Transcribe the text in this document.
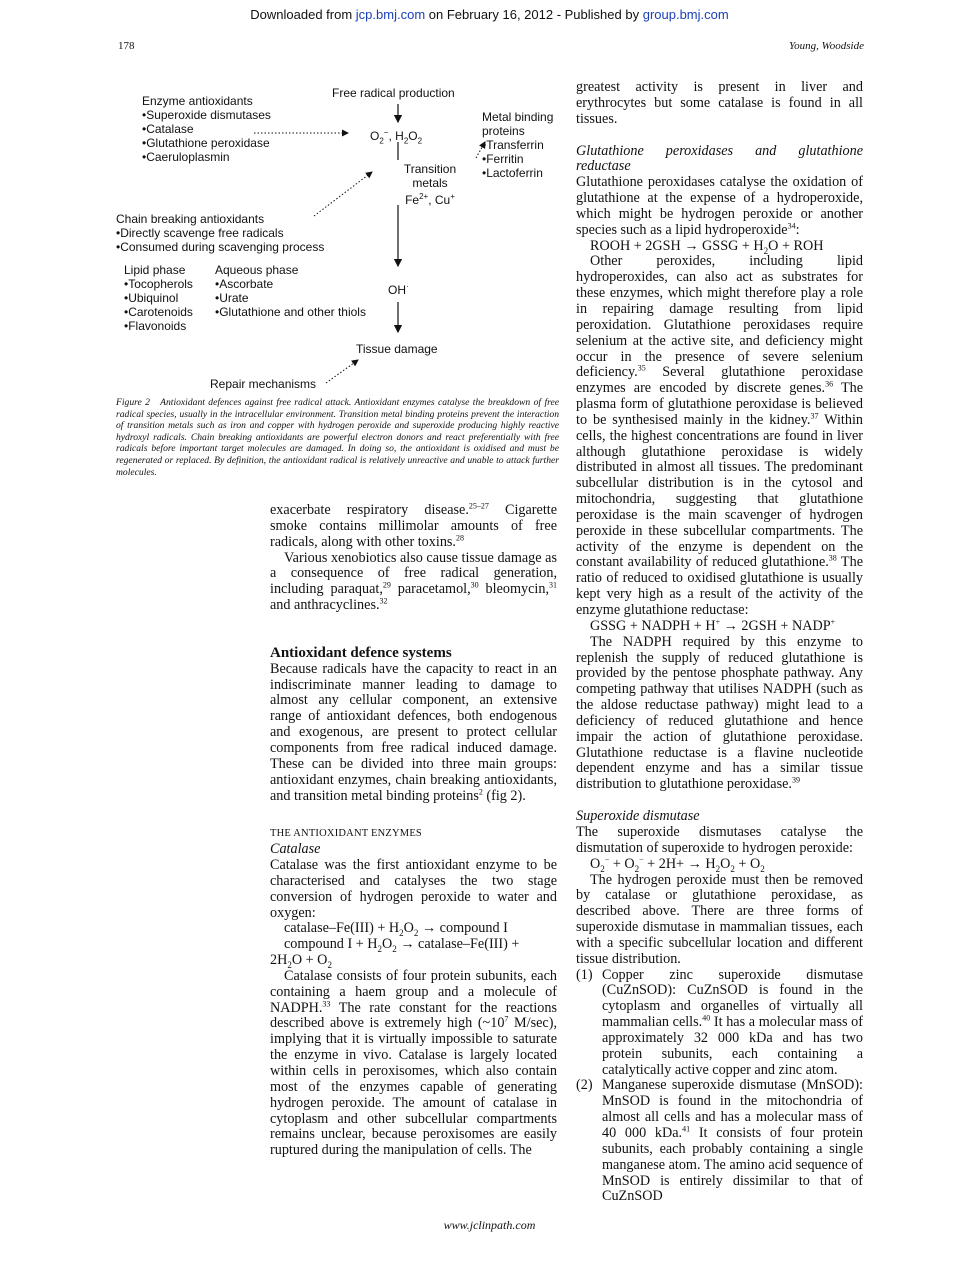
Downloaded from jcp.bmj.com on February 16, 2012 - Published by group.bmj.com
178	Young, Woodside
Free radical production
Enzyme antioxidants
•Superoxide dismutases
•Catalase
•Glutathione peroxidase
•Caeruloplasmin
$O_2^-$, $H_2O_2$
Metal binding
proteins
•Transferrin
•Ferritin
•Lactoferrin
Transition
metals
$Fe^{2+}$, Cu+
Chain breaking antioxidants
•Directly scavenge free radicals
•Consumed during scavenging process
Lipid phase
•Tocopherols
•Ubiquinol
•Carotenoids
•Flavonoids
Aqueous phase
•Ascorbate
•Urate
•Glutathione and other thiols
OH·
Tissue damage
Repair mechanisms
Figure 2 Antioxidant defences against free radical attack. Antioxidant enzymes catalyse the breakdown of free radical species, usually in the intracellular environment. Transition metal binding proteins prevent the interaction of transition metals such as iron and copper with hydrogen peroxide and superoxide producing highly reactive hydroxyl radicals. Chain breaking antioxidants are powerful electron donors and react preferentially with free radicals before important target molecules are damaged. In doing so, the antioxidant is oxidised and must be regenerated or replaced. By definition, the antioxidant radical is relatively unreactive and unable to attack further molecules.

exacerbate respiratory disease.$^{25-27}$ Cigarette smoke contains millimolar amounts of free radicals, along with other toxins.$^{28}$

Various xenobiotics also cause tissue damage as a consequence of free radical generation, including paraquat,$^{29}$ paracetamol,$^{30}$ bleomycin,$^{31}$ and anthracyclines.$^{32}$

Antioxidant defence systems

Because radicals have the capacity to react in an indiscriminate manner leading to damage to almost any cellular component, an extensive range of antioxidant defences, both endogenous and exogenous, are present to protect cellular components from free radical induced damage. These can be divided into three main groups: antioxidant enzymes, chain breaking antioxidants, and transition metal binding proteins$^2$ (fig 2).

THE ANTIOXIDANT ENZYMES

Catalase

Catalase was the first antioxidant enzyme to be characterised and catalyses the two stage conversion of hydrogen peroxide to water and oxygen:

catalase–Fe(III) + $H_2O_2$ → compound I

compound $I + H_2O_2$ → catalase–Fe(III) +

$2H_2O + O_2$

Catalase consists of four protein subunits, each containing a haem group and a molecule of NADPH.$^{33}$ The rate constant for the reactions described above is extremely high ($\sim 10^7$ M/sec), implying that it is virtually impossible to saturate the enzyme in vivo. Catalase is largely located within cells in peroxisomes, which also contain most of the enzymes capable of generating hydrogen peroxide. The amount of catalase in cytoplasm and other subcellular compartments remains unclear, because peroxisomes are easily ruptured during the manipulation of cells. The

greatest activity is present in liver and erythrocytes but some catalase is found in all tissues.

Glutathione peroxidases and glutathione reductase

Glutathione peroxidases catalyse the oxidation of glutathione at the expense of a hydroperoxide, which might be hydrogen peroxide or another species such as a lipid hydroperoxide$^{34}$:

ROOH + 2GSH → GSSG + $H_2O$ + ROH

Other peroxides, including lipid hydroperoxides, can also act as substrates for these enzymes, which might therefore play a role in repairing damage resulting from lipid peroxidation. Glutathione peroxidases require selenium at the active site, and deficiency might occur in the presence of severe selenium deficiency.$^{35}$ Several glutathione peroxidase enzymes are encoded by discrete genes.$^{36}$ The plasma form of glutathione peroxidase is believed to be synthesised mainly in the kidney.$^{37}$ Within cells, the highest concentrations are found in liver although glutathione peroxidase is widely distributed in almost all tissues. The predominant subcellular distribution is in the cytosol and mitochondria, suggesting that glutathione peroxidase is the main scavenger of hydrogen peroxide in these subcellular compartments. The activity of the enzyme is dependent on the constant availability of reduced glutathione.$^{38}$ The ratio of reduced to oxidised glutathione is usually kept very high as a result of the activity of the enzyme glutathione reductase:

GSSG + NADPH + H+ → 2GSH + NADP+

The NADPH required by this enzyme to replenish the supply of reduced glutathione is provided by the pentose phosphate pathway. Any competing pathway that utilises NADPH (such as the aldose reductase pathway) might lead to a deficiency of reduced glutathione and hence impair the action of glutathione peroxidase. Glutathione reductase is a flavine nucleotide dependent enzyme and has a similar tissue distribution to glutathione peroxidase.$^{39}$

Superoxide dismutase

The superoxide dismutases catalyse the dismutation of superoxide to hydrogen peroxide:

$O_2^- + O_2^- + 2H+ \to H_2O_2 + O_2$

The hydrogen peroxide must then be removed by catalase or glutathione peroxidase, as described above. There are three forms of superoxide dismutase in mammalian tissues, each with a specific subcellular location and different tissue distribution.

(1) Copper zinc superoxide dismutase (CuZnSOD): CuZnSOD is found in the cytoplasm and organelles of virtually all mammalian cells.$^{40}$ It has a molecular mass of approximately 32 000 kDa and has two protein subunits, each containing a catalytically active copper and zinc atom.
(2) Manganese superoxide dismutase (MnSOD): MnSOD is found in the mitochondria of almost all cells and has a molecular mass of 40 000 kDa.$^{41}$ It consists of four protein subunits, each probably containing a single manganese atom. The amino acid sequence of MnSOD is entirely dissimilar to that of CuZnSOD
www.jclinpath.com
